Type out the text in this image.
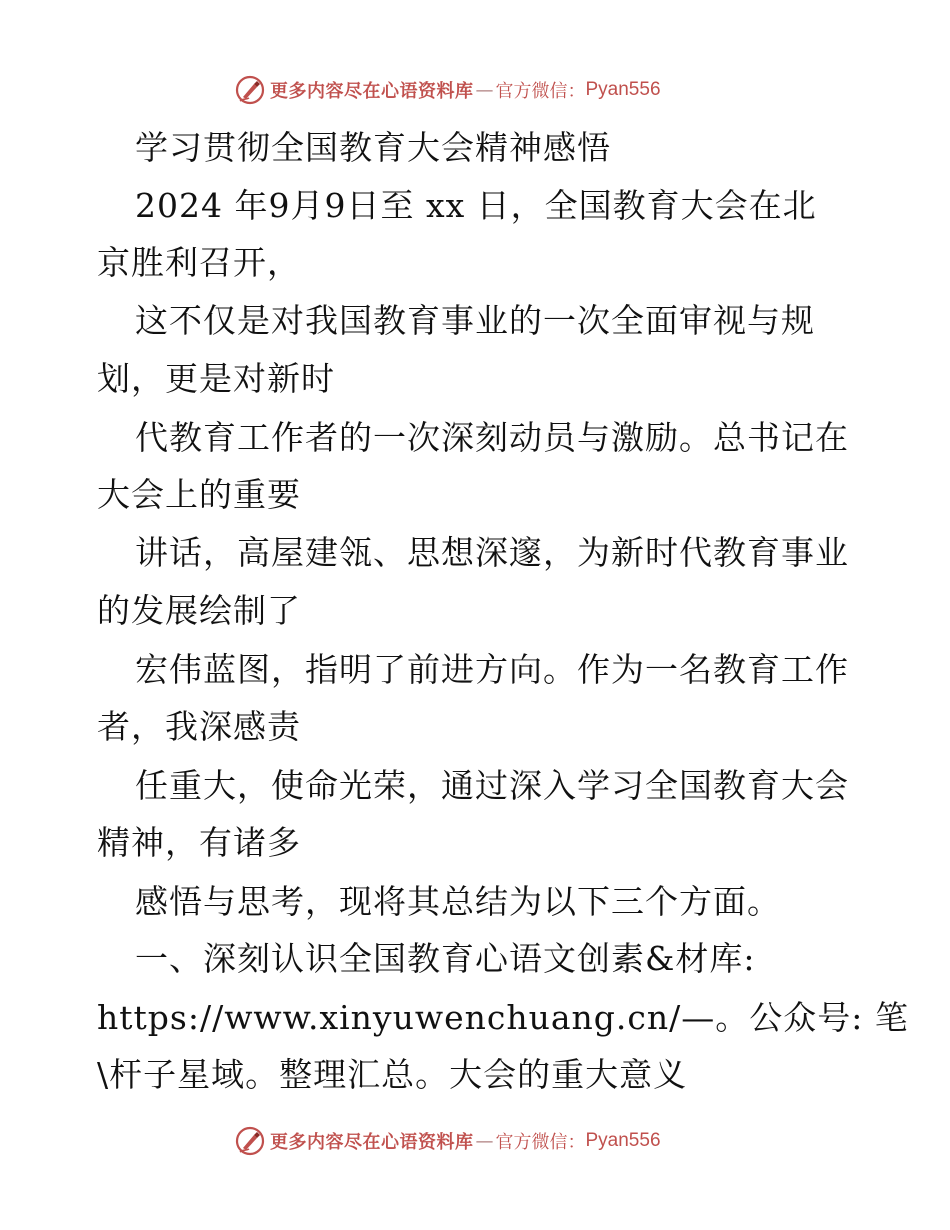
更多内容尽在心语资料库 — 官方微信： Pyan556
学习贯彻全国教育大会精神感悟
2024 年9月9日至 xx 日，全国教育大会在北
京胜利召开，
这不仅是对我国教育事业的一次全面审视与规
划，更是对新时
代教育工作者的一次深刻动员与激励。总书记在
大会上的重要
讲话，高屋建瓴、思想深邃，为新时代教育事业
的发展绘制了
宏伟蓝图，指明了前进方向。作为一名教育工作
者，我深感责
任重大，使命光荣，通过深入学习全国教育大会
精神，有诸多
感悟与思考，现将其总结为以下三个方面。
一、深刻认识全国教育心语文创素&材库:
https://www.xinyuwenchuang.cn/—。公众号: 笔
\杆子星域。整理汇总。大会的重大意义
更多内容尽在心语资料库 — 官方微信： Pyan556
